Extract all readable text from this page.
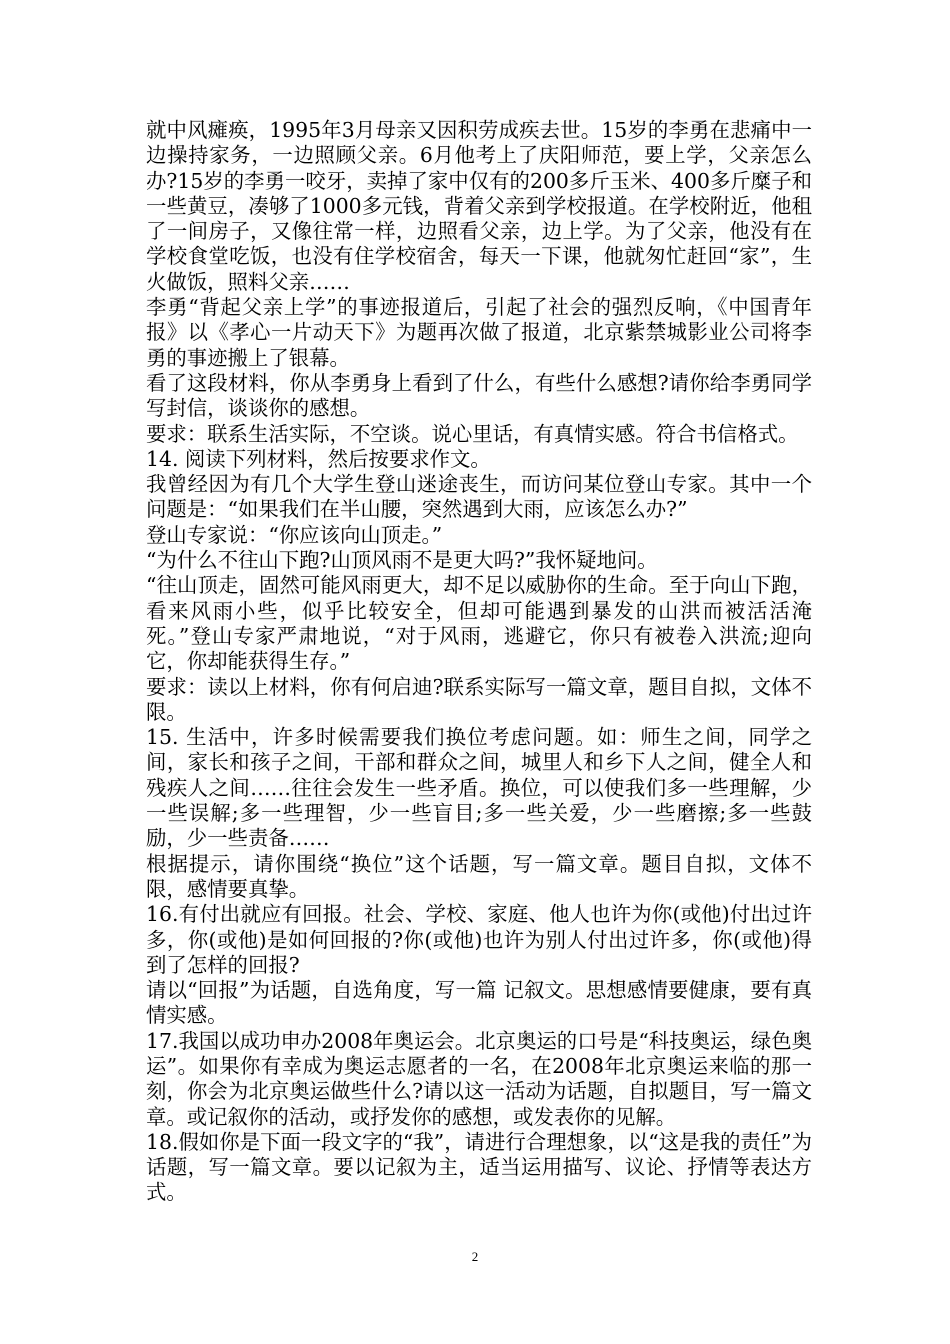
就中风瘫痪，1995年3月母亲又因积劳成疾去世。15岁的李勇在悲痛中一边操持家务，一边照顾父亲。6月他考上了庆阳师范，要上学，父亲怎么办?15岁的李勇一咬牙，卖掉了家中仅有的200多斤玉米、400多斤糜子和一些黄豆，凑够了1000多元钱，背着父亲到学校报道。在学校附近，他租了一间房子，又像往常一样，边照看父亲，边上学。为了父亲，他没有在学校食堂吃饭，也没有住学校宿舍，每天一下课，他就匆忙赶回“家”，生火做饭，照料父亲……

李勇“背起父亲上学”的事迹报道后，引起了社会的强烈反响，《中国青年报》以《孝心一片动天下》为题再次做了报道，北京紫禁城影业公司将李勇的事迹搬上了银幕。

看了这段材料，你从李勇身上看到了什么，有些什么感想?请你给李勇同学写封信，谈谈你的感想。

要求：联系生活实际，不空谈。说心里话，有真情实感。符合书信格式。

14. 阅读下列材料，然后按要求作文。

我曾经因为有几个大学生登山迷途丧生，而访问某位登山专家。其中一个问题是：“如果我们在半山腰，突然遇到大雨，应该怎么办?”

登山专家说：“你应该向山顶走。”

“为什么不往山下跑?山顶风雨不是更大吗?”我怀疑地问。

“往山顶走，固然可能风雨更大，却不足以威胁你的生命。至于向山下跑，看来风雨小些，似乎比较安全，但却可能遇到暴发的山洪而被活活淹死。”登山专家严肃地说，“对于风雨，逃避它，你只有被卷入洪流;迎向它，你却能获得生存。”

要求：读以上材料，你有何启迪?联系实际写一篇文章，题目自拟，文体不限。

15. 生活中，许多时候需要我们换位考虑问题。如：师生之间，同学之间，家长和孩子之间，干部和群众之间，城里人和乡下人之间，健全人和残疾人之间……往往会发生一些矛盾。换位，可以使我们多一些理解，少一些误解;多一些理智，少一些盲目;多一些关爱，少一些磨擦;多一些鼓励，少一些责备……

根据提示，请你围绕“换位”这个话题，写一篇文章。题目自拟，文体不限，感情要真挚。

16.有付出就应有回报。社会、学校、家庭、他人也许为你(或他)付出过许多，你(或他)是如何回报的?你(或他)也许为别人付出过许多，你(或他)得到了怎样的回报?

请以“回报”为话题，自选角度，写一篇 记叙文。思想感情要健康，要有真情实感。

17.我国以成功申办2008年奥运会。北京奥运的口号是“科技奥运，绿色奥运”。如果你有幸成为奥运志愿者的一名，在2008年北京奥运来临的那一刻，你会为北京奥运做些什么?请以这一活动为话题，自拟题目，写一篇文章。或记叙你的活动，或抒发你的感想，或发表你的见解。

18.假如你是下面一段文字的“我”，请进行合理想象，以“这是我的责任”为话题，写一篇文章。要以记叙为主，适当运用描写、议论、抒情等表达方式。

2
